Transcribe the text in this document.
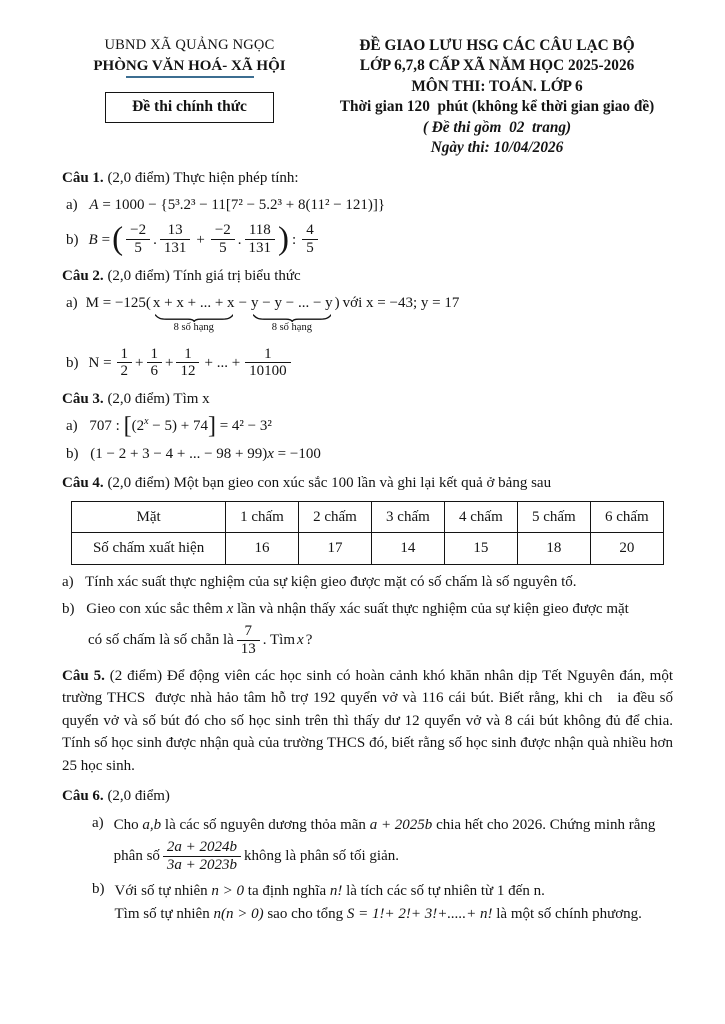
UBND XÃ QUẢNG NGỌC
PHÒNG VĂN HOÁ- XÃ HỘI
Đề thi chính thức
ĐỀ GIAO LƯU HSG CÁC CÂU LẠC BỘ
LỚP 6,7,8 CẤP XÃ NĂM HỌC 2025-2026
MÔN THI: TOÁN. LỚP 6
Thời gian 120  phút (không kể thời gian giao đề)
( Đề thi gồm  02  trang)
Ngày thi: 10/04/2026

Câu 1. (2,0 điểm) Thực hiện phép tính:

a) A = 1000 − {5³.2³ − 11[7² − 5.2³ + 8(11² − 121)]}
b) B = ( $\frac{-2}{5}$ . $\frac{13}{131} + \frac{-2}{5}$ . $\frac{118}{131}$ ) : $\frac{4}{5}$

Câu 2. (2,0 điểm) Tính giá trị biểu thức

a) M = −125( x + x + ... + x
8 số hạng
− y − y − ... − y
8 số hạng
) với x = −43; y = 17
b) $N = \frac{1}{2} + \frac{1}{6} + \frac{1}{12}$ + ... + $\frac{1}{10100}$

Câu 3. (2,0 điểm) Tìm x

a) 707 : $[(2^x - 5) + 74] = 4^2 - 3^2$
b) (1 − 2 + 3 − 4 + ... − 98 + 99)x = −100

Câu 4. (2,0 điểm) Một bạn gieo con xúc sắc 100 lần và ghi lại kết quả ở bảng sau

Mặt	1 chấm	2 chấm	3 chấm	4 chấm	5 chấm	6 chấm
Số chấm xuất hiện	16	17	14	15	18	20
a) Tính xác suất thực nghiệm của sự kiện gieo được mặt có số chấm là số nguyên tố.
b) Gieo con xúc sắc thêm x lần và nhận thấy xác suất thực nghiệm của sự kiện gieo được mặt
có số chấm là số chẵn là $\frac{7}{13}$ . Tìm x ?

Câu 5. (2 điểm) Để động viên các học sinh có hoàn cảnh khó khăn nhân dịp Tết Nguyên đán, một trường THCS  được nhà hảo tâm hỗ trợ 192 quyển vở và 116 cái bút. Biết rằng, khi ch   ia đều số quyển vở và số bút đó cho số học sinh trên thì thấy dư 12 quyển vở và 8 cái bút không đủ để chia. Tính số học sinh được nhận quà của trường THCS đó, biết rằng số học sinh được nhận quà nhiều hơn 25 học sinh.

Câu 6. (2,0 điểm)

a) Cho a,b là các số nguyên dương thỏa mãn a + 2025b chia hết cho 2026. Chứng minh rằng
phân số $\frac{2a + 2024b}{3a + 2023b}$ không là phân số tối giản.
b) Với số tự nhiên n > 0 ta định nghĩa n! là tích các số tự nhiên từ 1 đến n.
Tìm số tự nhiên n(n > 0) sao cho tổng S = 1!+ 2!+ 3!+.....+ n! là một số chính phương.
